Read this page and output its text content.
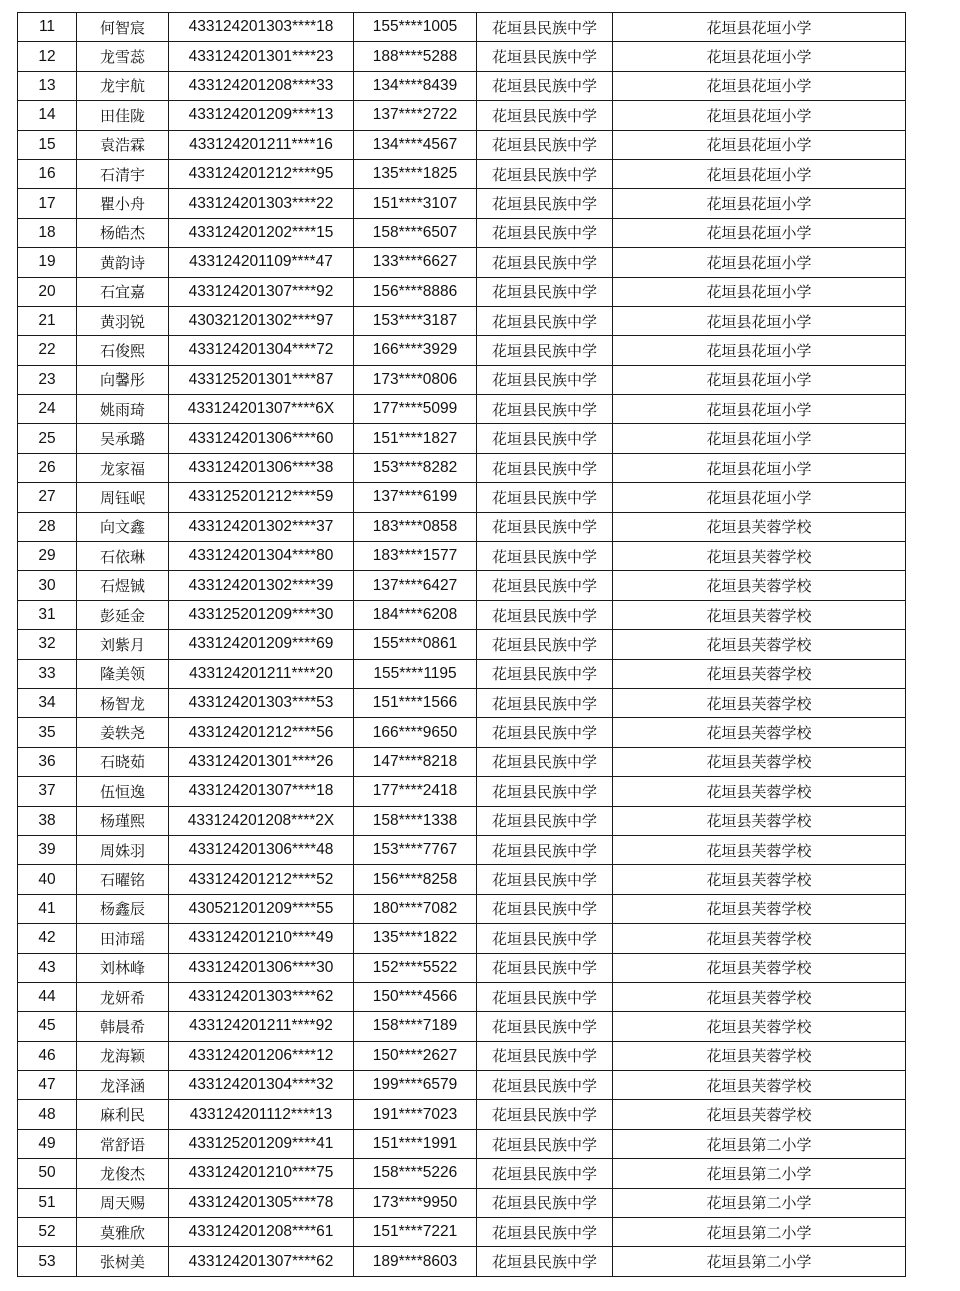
11	何智宸	433124201303****18	155****1005	花垣县民族中学	花垣县花垣小学
12	龙雪蕊	433124201301****23	188****5288	花垣县民族中学	花垣县花垣小学
13	龙宇航	433124201208****33	134****8439	花垣县民族中学	花垣县花垣小学
14	田佳陇	433124201209****13	137****2722	花垣县民族中学	花垣县花垣小学
15	袁浩霖	433124201211****16	134****4567	花垣县民族中学	花垣县花垣小学
16	石清宇	433124201212****95	135****1825	花垣县民族中学	花垣县花垣小学
17	瞿小舟	433124201303****22	151****3107	花垣县民族中学	花垣县花垣小学
18	杨皓杰	433124201202****15	158****6507	花垣县民族中学	花垣县花垣小学
19	黄韵诗	433124201109****47	133****6627	花垣县民族中学	花垣县花垣小学
20	石宜嘉	433124201307****92	156****8886	花垣县民族中学	花垣县花垣小学
21	黄羽锐	430321201302****97	153****3187	花垣县民族中学	花垣县花垣小学
22	石俊熙	433124201304****72	166****3929	花垣县民族中学	花垣县花垣小学
23	向馨彤	433125201301****87	173****0806	花垣县民族中学	花垣县花垣小学
24	姚雨琦	433124201307****6X	177****5099	花垣县民族中学	花垣县花垣小学
25	吴承璐	433124201306****60	151****1827	花垣县民族中学	花垣县花垣小学
26	龙家福	433124201306****38	153****8282	花垣县民族中学	花垣县花垣小学
27	周钰岷	433125201212****59	137****6199	花垣县民族中学	花垣县花垣小学
28	向文鑫	433124201302****37	183****0858	花垣县民族中学	花垣县芙蓉学校
29	石依琳	433124201304****80	183****1577	花垣县民族中学	花垣县芙蓉学校
30	石煜铖	433124201302****39	137****6427	花垣县民族中学	花垣县芙蓉学校
31	彭延金	433125201209****30	184****6208	花垣县民族中学	花垣县芙蓉学校
32	刘紫月	433124201209****69	155****0861	花垣县民族中学	花垣县芙蓉学校
33	隆美领	433124201211****20	155****1195	花垣县民族中学	花垣县芙蓉学校
34	杨智龙	433124201303****53	151****1566	花垣县民族中学	花垣县芙蓉学校
35	姜轶尧	433124201212****56	166****9650	花垣县民族中学	花垣县芙蓉学校
36	石晓茹	433124201301****26	147****8218	花垣县民族中学	花垣县芙蓉学校
37	伍恒逸	433124201307****18	177****2418	花垣县民族中学	花垣县芙蓉学校
38	杨瑾熙	433124201208****2X	158****1338	花垣县民族中学	花垣县芙蓉学校
39	周姝羽	433124201306****48	153****7767	花垣县民族中学	花垣县芙蓉学校
40	石曜铭	433124201212****52	156****8258	花垣县民族中学	花垣县芙蓉学校
41	杨鑫辰	430521201209****55	180****7082	花垣县民族中学	花垣县芙蓉学校
42	田沛瑶	433124201210****49	135****1822	花垣县民族中学	花垣县芙蓉学校
43	刘林峰	433124201306****30	152****5522	花垣县民族中学	花垣县芙蓉学校
44	龙妍希	433124201303****62	150****4566	花垣县民族中学	花垣县芙蓉学校
45	韩晨希	433124201211****92	158****7189	花垣县民族中学	花垣县芙蓉学校
46	龙海颖	433124201206****12	150****2627	花垣县民族中学	花垣县芙蓉学校
47	龙泽涵	433124201304****32	199****6579	花垣县民族中学	花垣县芙蓉学校
48	麻利民	433124201112****13	191****7023	花垣县民族中学	花垣县芙蓉学校
49	常舒语	433125201209****41	151****1991	花垣县民族中学	花垣县第二小学
50	龙俊杰	433124201210****75	158****5226	花垣县民族中学	花垣县第二小学
51	周天赐	433124201305****78	173****9950	花垣县民族中学	花垣县第二小学
52	莫雅欣	433124201208****61	151****7221	花垣县民族中学	花垣县第二小学
53	张树美	433124201307****62	189****8603	花垣县民族中学	花垣县第二小学
